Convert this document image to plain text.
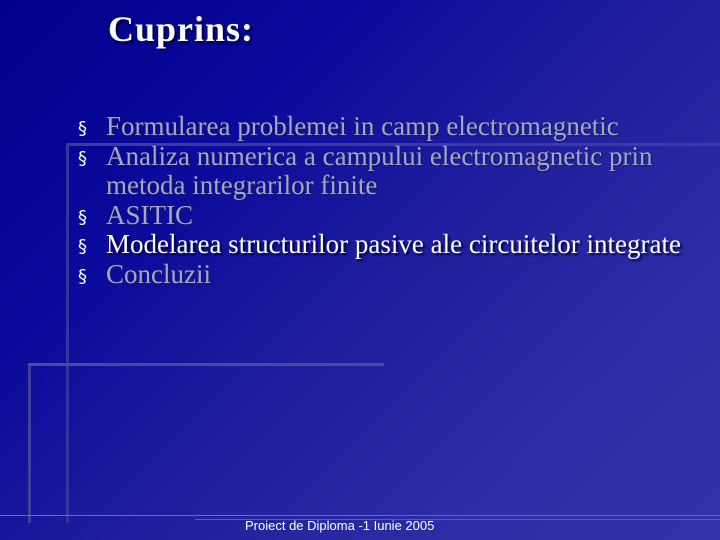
Cuprins:
§ Formularea problemei in camp electromagnetic
§ Analiza numerica a campului electromagnetic prin metoda integrarilor finite
§ ASITIC
§ Modelarea structurilor pasive ale circuitelor integrate
§ Concluzii
Proiect de Diploma -1 Iunie 2005
